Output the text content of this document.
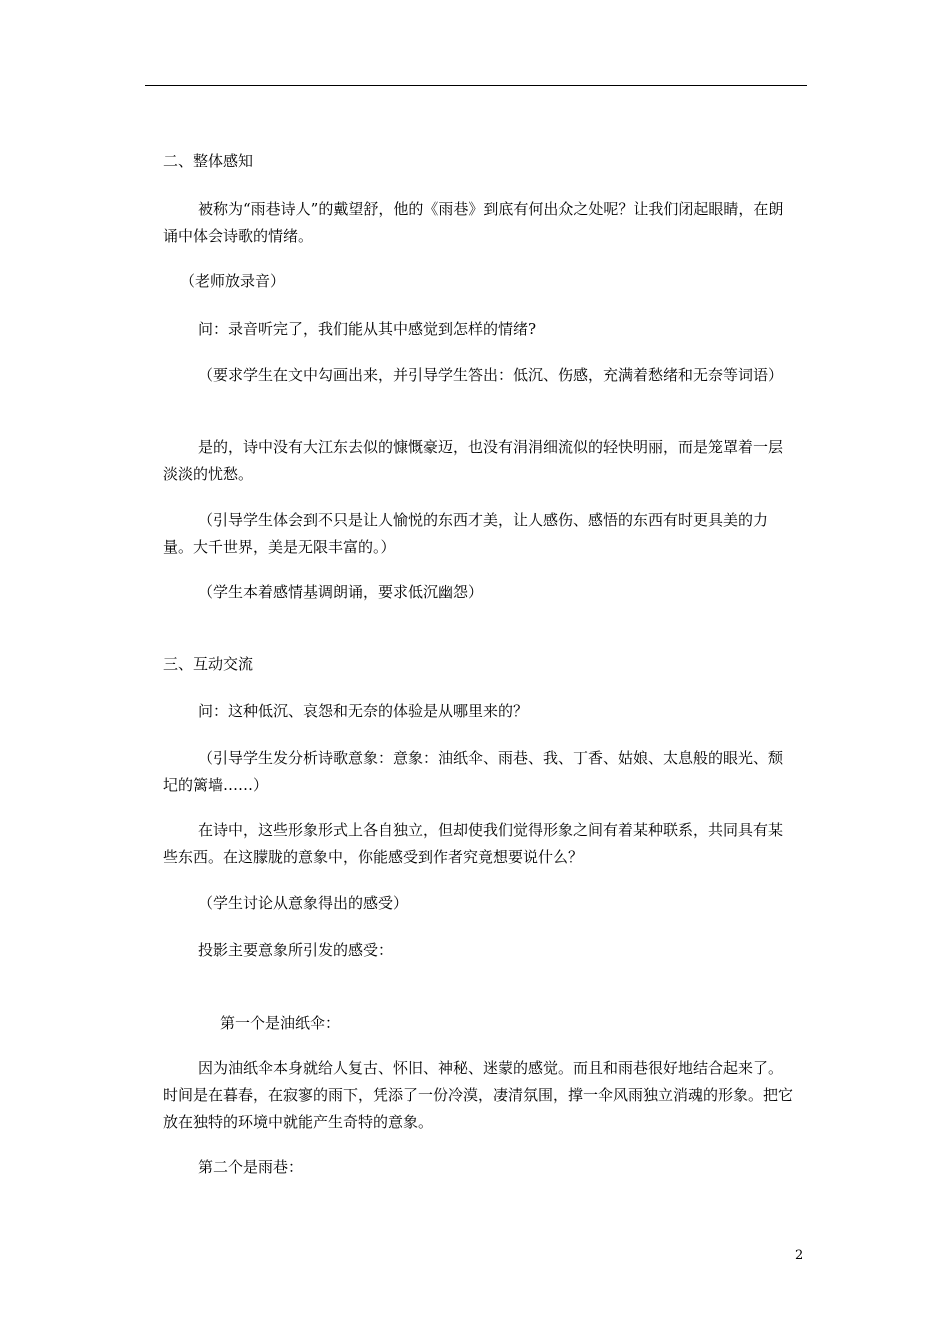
二、整体感知
被称为“雨巷诗人”的戴望舒，他的《雨巷》到底有何出众之处呢？让我们闭起眼睛，在朗诵中体会诗歌的情绪。
（老师放录音）
问：录音听完了，我们能从其中感觉到怎样的情绪?
（要求学生在文中勾画出来，并引导学生答出：低沉、伤感，充满着愁绪和无奈等词语）
是的，诗中没有大江东去似的慷慨豪迈，也没有涓涓细流似的轻快明丽，而是笼罩着一层淡淡的忧愁。
（引导学生体会到不只是让人愉悦的东西才美，让人感伤、感悟的东西有时更具美的力量。大千世界，美是无限丰富的。）
（学生本着感情基调朗诵，要求低沉幽怨）
三、互动交流
问：这种低沉、哀怨和无奈的体验是从哪里来的？
（引导学生发分析诗歌意象：意象：油纸伞、雨巷、我、丁香、姑娘、太息般的眼光、颓圮的篱墙……）
在诗中，这些形象形式上各自独立，但却使我们觉得形象之间有着某种联系，共同具有某些东西。在这朦胧的意象中，你能感受到作者究竟想要说什么？
（学生讨论从意象得出的感受）
投影主要意象所引发的感受：
第一个是油纸伞：
因为油纸伞本身就给人复古、怀旧、神秘、迷蒙的感觉。而且和雨巷很好地结合起来了。时间是在暮春，在寂寥的雨下，凭添了一份冷漠，凄清氛围，撑一伞风雨独立消魂的形象。把它放在独特的环境中就能产生奇特的意象。
第二个是雨巷：
2
